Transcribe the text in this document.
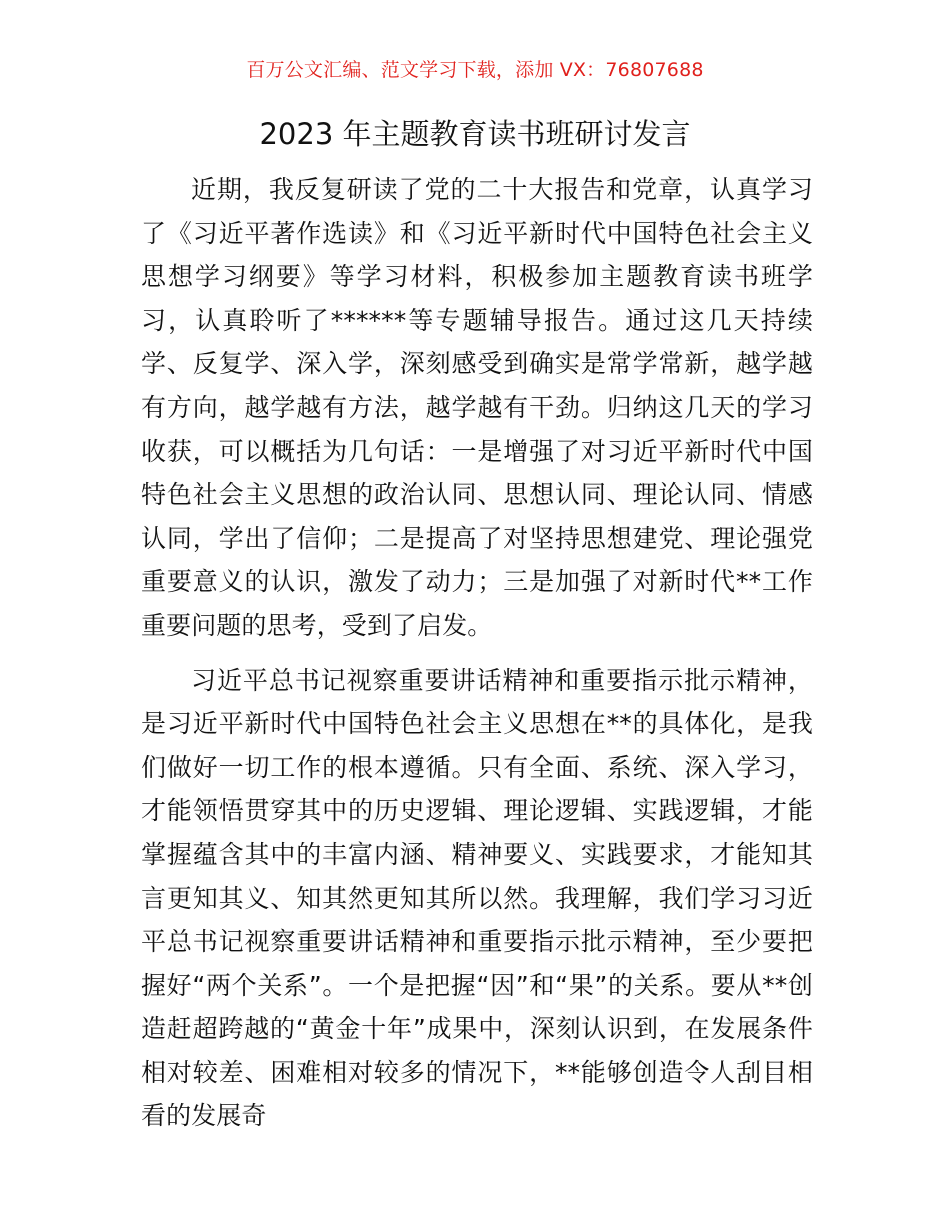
百万公文汇编、范文学习下载，添加 VX：76807688
2023 年主题教育读书班研讨发言

近期，我反复研读了党的二十大报告和党章，认真学习了《习近平著作选读》和《习近平新时代中国特色社会主义思想学习纲要》等学习材料，积极参加主题教育读书班学习，认真聆听了******等专题辅导报告。通过这几天持续学、反复学、深入学，深刻感受到确实是常学常新，越学越有方向，越学越有方法，越学越有干劲。归纳这几天的学习收获，可以概括为几句话：一是增强了对习近平新时代中国特色社会主义思想的政治认同、思想认同、理论认同、情感认同，学出了信仰；二是提高了对坚持思想建党、理论强党重要意义的认识，激发了动力；三是加强了对新时代**工作重要问题的思考，受到了启发。

习近平总书记视察重要讲话精神和重要指示批示精神，是习近平新时代中国特色社会主义思想在**的具体化，是我们做好一切工作的根本遵循。只有全面、系统、深入学习，才能领悟贯穿其中的历史逻辑、理论逻辑、实践逻辑，才能掌握蕴含其中的丰富内涵、精神要义、实践要求，才能知其言更知其义、知其然更知其所以然。我理解，我们学习习近平总书记视察重要讲话精神和重要指示批示精神，至少要把握好“两个关系”。一个是把握“因”和“果”的关系。要从**创造赶超跨越的“黄金十年”成果中，深刻认识到，在发展条件相对较差、困难相对较多的情况下，**能够创造令人刮目相看的发展奇
